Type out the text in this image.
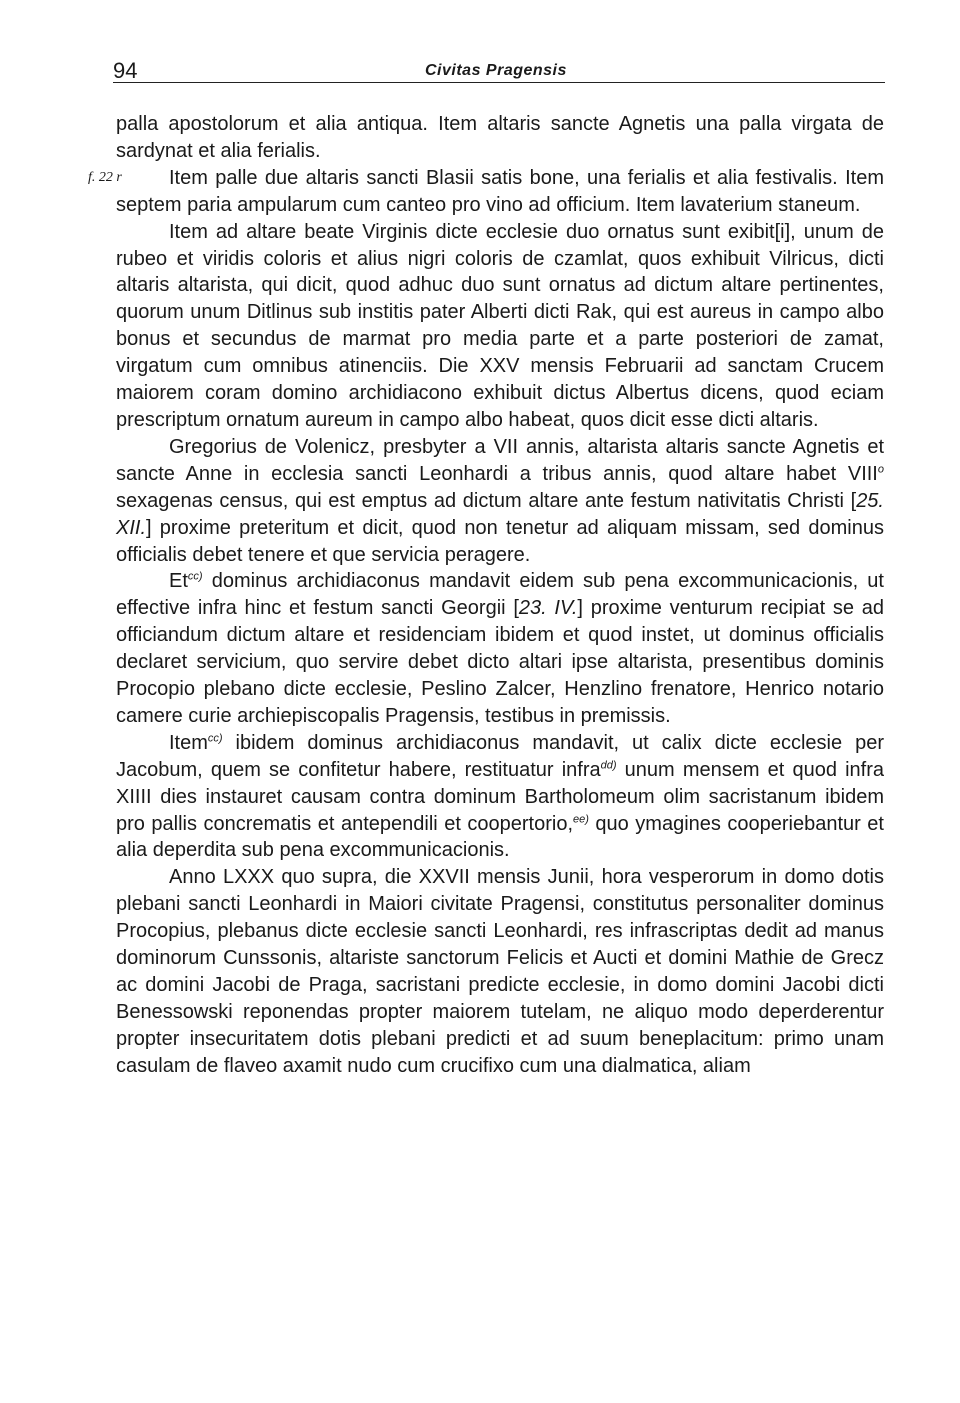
94	Civitas Pragensis
f. 22 r

palla apostolorum et alia antiqua. Item altaris sancte Agnetis una palla virgata de sardynat et alia ferialis.

Item palle due altaris sancti Blasii satis bone, una ferialis et alia festivalis. Item septem paria ampularum cum canteo pro vino ad officium. Item lavaterium staneum.

Item ad altare beate Virginis dicte ecclesie duo ornatus sunt exibit[i], unum de rubeo et viridis coloris et alius nigri coloris de czamlat, quos exhibuit Vilricus, dicti altaris altarista, qui dicit, quod adhuc duo sunt ornatus ad dictum altare pertinentes, quorum unum Ditlinus sub institis pater Alberti dicti Rak, qui est aureus in campo albo bonus et secundus de marmat pro media parte et a parte posteriori de zamat, virgatum cum omnibus atinenciis. Die XXV mensis Februarii ad sanctam Crucem maiorem coram domino archidiacono exhibuit dictus Albertus dicens, quod eciam prescriptum ornatum aureum in campo albo habeat, quos dicit esse dicti altaris.

Gregorius de Volenicz, presbyter a VII annis, altarista altaris sancte Agnetis et sancte Anne in ecclesia sancti Leonhardi a tribus annis, quod altare habet VIII$^o$ sexagenas census, qui est emptus ad dictum altare ante festum nativitatis Christi [25. XII.] proxime preteritum et dicit, quod non tenetur ad aliquam missam, sed dominus officialis debet tenere et que servicia peragere.

$Et^{cc)}$ dominus archidiaconus mandavit eidem sub pena excommunicacionis, ut effective infra hinc et festum sancti Georgii [23. IV.] proxime venturum recipiat se ad officiandum dictum altare et residenciam ibidem et quod instet, ut dominus officialis declaret servicium, quo servire debet dicto altari ipse altarista, presentibus dominis Procopio plebano dicte ecclesie, Peslino Zalcer, Henzlino frenatore, Henrico notario camere curie archiepiscopalis Pragensis, testibus in premissis.

Item$^{cc)}$ ibidem dominus archidiaconus mandavit, ut calix dicte ecclesie per Jacobum, quem se confitetur habere, restituatur infra$^{dd)}$ unum mensem et quod infra XIIII dies instauret causam contra dominum Bartholomeum olim sacristanum ibidem pro pallis concrematis et antependili et coopertorio,$^{ee)}$ quo ymagines cooperiebantur et alia deperdita sub pena excommunicacionis.

Anno LXXX quo supra, die XXVII mensis Junii, hora vesperorum in domo dotis plebani sancti Leonhardi in Maiori civitate Pragensi, constitutus personaliter dominus Procopius, plebanus dicte ecclesie sancti Leonhardi, res infrascriptas dedit ad manus dominorum Cunssonis, altariste sanctorum Felicis et Aucti et domini Mathie de Grecz ac domini Jacobi de Praga, sacristani predicte ecclesie, in domo domini Jacobi dicti Benessowski reponendas propter maiorem tutelam, ne aliquo modo deperderentur propter insecuritatem dotis plebani predicti et ad suum beneplacitum: primo unam casulam de flaveo axamit nudo cum crucifixo cum una dialmatica, aliam
